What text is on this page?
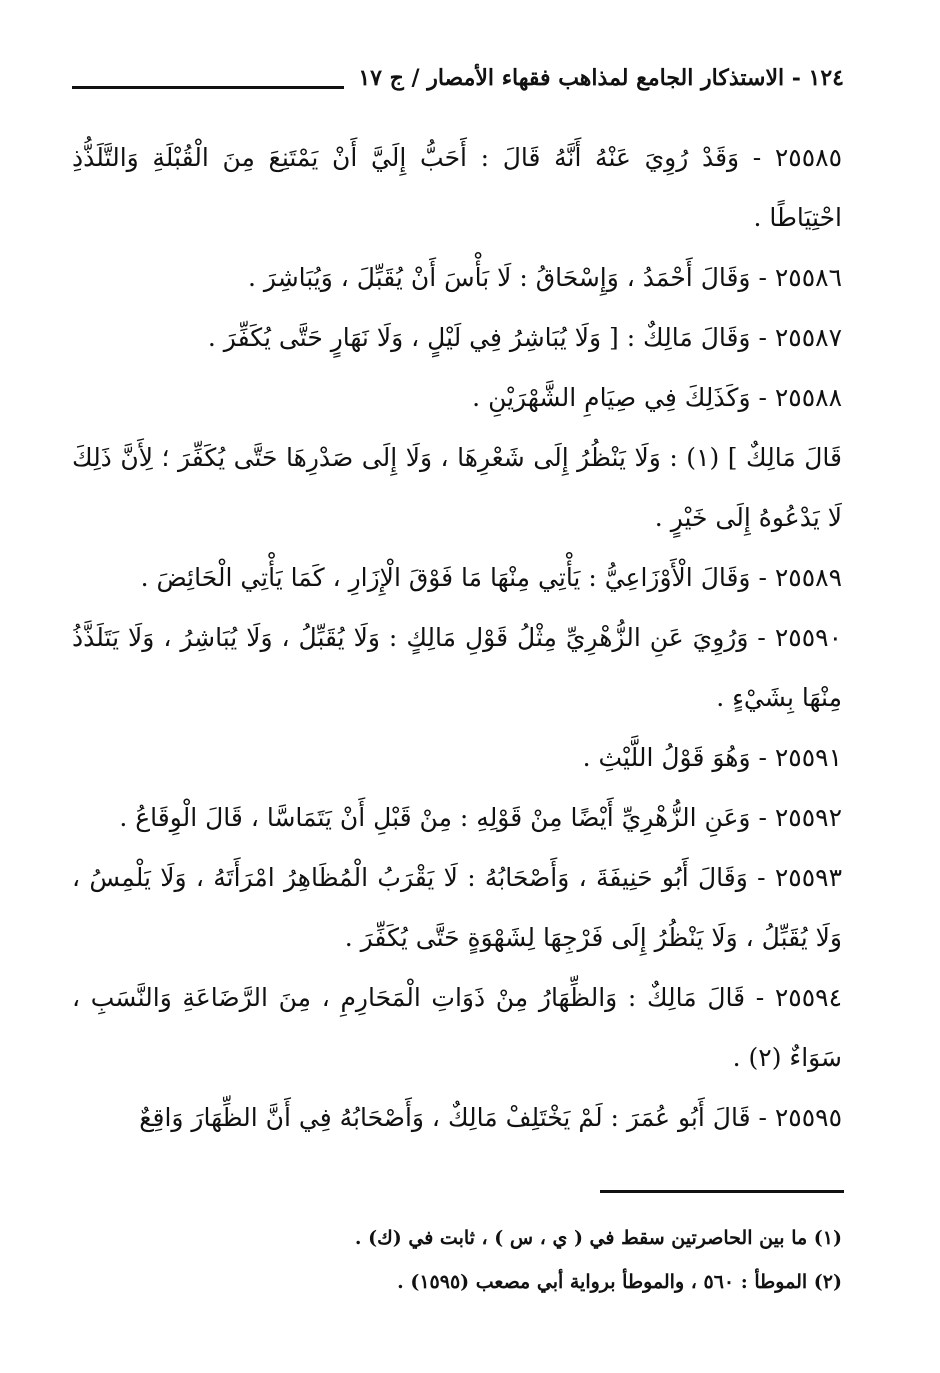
١٢٤ - الاستذكار الجامع لمذاهب فقهاء الأمصار / ج ١٧

٢٥٥٨٥ - وَقَدْ رُوِيَ عَنْهُ أَنَّهُ قَالَ : أَحَبُّ إِلَيَّ أَنْ يَمْتَنِعَ مِنَ الْقُبْلَةِ وَالتَّلَذُّذِ احْتِيَاطًا .

٢٥٥٨٦ - وَقَالَ أَحْمَدُ ، وَإِسْحَاقُ : لَا بَأْسَ أَنْ يُقَبِّلَ ، وَيُبَاشِرَ .

٢٥٥٨٧ - وَقَالَ مَالِكٌ : [ وَلَا يُبَاشِرُ فِي لَيْلٍ ، وَلَا نَهَارٍ حَتَّى يُكَفِّرَ .

٢٥٥٨٨ - وَكَذَلِكَ فِي صِيَامِ الشَّهْرَيْنِ .

قَالَ مَالِكٌ ] (١) : وَلَا يَنْظُرُ إِلَى شَعْرِهَا ، وَلَا إِلَى صَدْرِهَا حَتَّى يُكَفِّرَ ؛ لِأَنَّ ذَلِكَ لَا يَدْعُوهُ إِلَى خَيْرٍ .

٢٥٥٨٩ - وَقَالَ الْأَوْزَاعِيُّ : يَأْتِي مِنْهَا مَا فَوْقَ الْإِزَارِ ، كَمَا يَأْتِي الْحَائِضَ .

٢٥٥٩٠ - وَرُوِيَ عَنِ الزُّهْرِيِّ مِثْلُ قَوْلِ مَالِكٍ : وَلَا يُقَبِّلُ ، وَلَا يُبَاشِرُ ، وَلَا يَتَلَذَّذُ مِنْهَا بِشَيْءٍ .

٢٥٥٩١ - وَهُوَ قَوْلُ اللَّيْثِ .

٢٥٥٩٢ - وَعَنِ الزُّهْرِيِّ أَيْضًا مِنْ قَوْلِهِ : مِنْ قَبْلِ أَنْ يَتَمَاسَّا ، قَالَ الْوِقَاعُ .

٢٥٥٩٣ - وَقَالَ أَبُو حَنِيفَةَ ، وَأَصْحَابُهُ : لَا يَقْرَبُ الْمُظَاهِرُ امْرَأَتَهُ ، وَلَا يَلْمِسُ ، وَلَا يُقَبِّلُ ، وَلَا يَنْظُرُ إِلَى فَرْجِهَا لِشَهْوَةٍ حَتَّى يُكَفِّرَ .

٢٥٥٩٤ - قَالَ مَالِكٌ : وَالظِّهَارُ مِنْ ذَوَاتِ الْمَحَارِمِ ، مِنَ الرَّضَاعَةِ وَالنَّسَبِ ، سَوَاءٌ (٢) .

٢٥٥٩٥ - قَالَ أَبُو عُمَرَ : لَمْ يَخْتَلِفْ مَالِكٌ ، وَأَصْحَابُهُ فِي أَنَّ الظِّهَارَ وَاقِعٌ

(١) ما بين الحاصرتين سقط في ( ي ، س ) ، ثابت في (ك) .

(٢) الموطأ : ٥٦٠ ، والموطأ برواية أبي مصعب (١٥٩٥) .
